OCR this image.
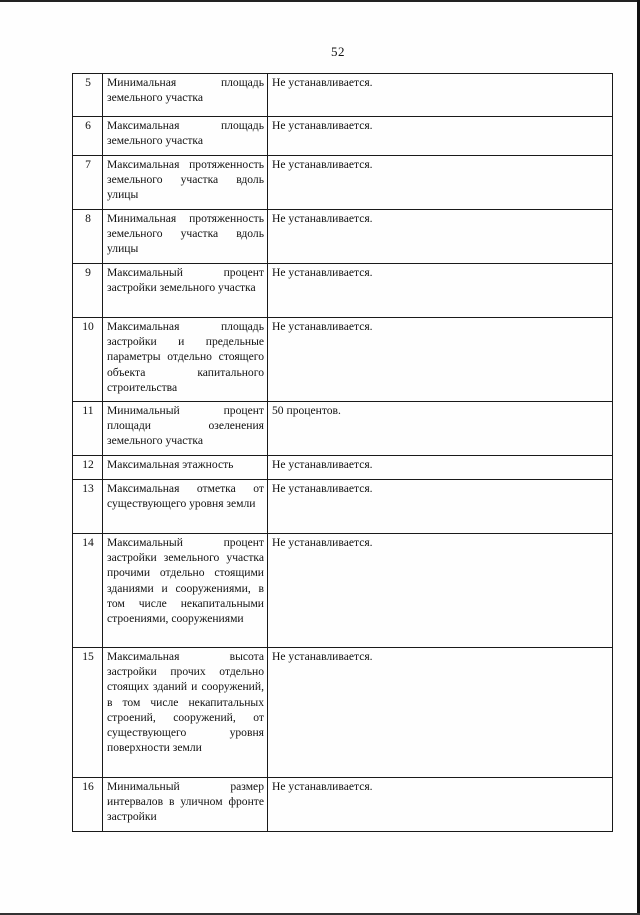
52
5	Минимальная площадь земельного участка	Не устанавливается.
6	Максимальная площадь земельного участка	Не устанавливается.
7	Максимальная протяженность земельного участка вдоль улицы	Не устанавливается.
8	Минимальная протяженность земельного участка вдоль улицы	Не устанавливается.
9	Максимальный процент застройки земельного участка	Не устанавливается.
10	Максимальная площадь застройки и предельные параметры отдельно стоящего объекта капитального строительства	Не устанавливается.
11	Минимальный процент площади озеленения земельного участка	50 процентов.
12	Максимальная этажность	Не устанавливается.
13	Максимальная отметка от существующего уровня земли	Не устанавливается.
14	Максимальный процент застройки земельного участка прочими отдельно стоящими зданиями и сооружениями, в том числе некапитальными строениями, сооружениями	Не устанавливается.
15	Максимальная высота застройки прочих отдельно стоящих зданий и сооружений, в том числе некапитальных строений, сооружений, от существующего уровня поверхности земли	Не устанавливается.
16	Минимальный размер интервалов в уличном фронте застройки	Не устанавливается.
